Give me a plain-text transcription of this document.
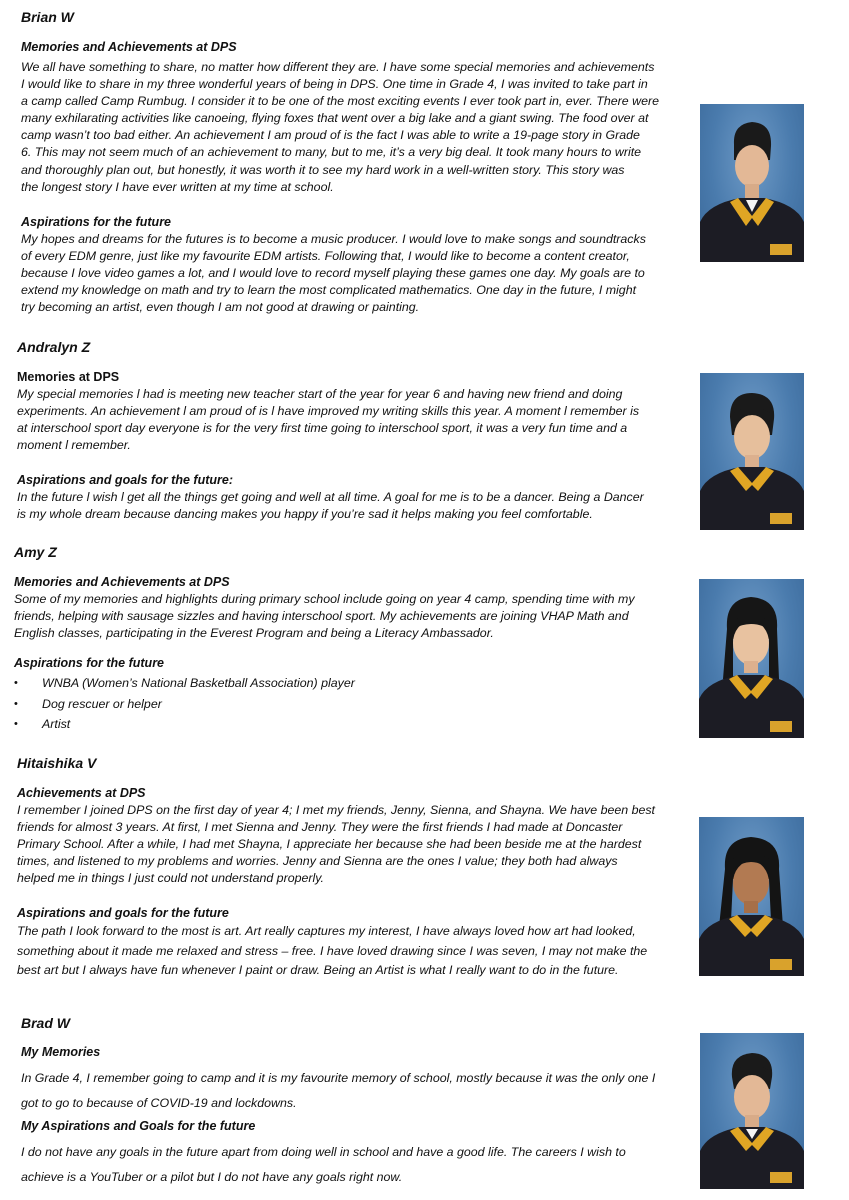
Brian W
Memories and Achievements at DPS
We all have something to share, no matter how different they are. I have some special memories and achievements
I would like to share in my three wonderful years of being in DPS. One time in Grade 4, I was invited to take part in
a camp called Camp Rumbug. I consider it to be one of the most exciting events I ever took part in, ever. There were
many exhilarating activities like canoeing, flying foxes that went over a big lake and a giant swing. The food over at
camp wasn’t too bad either. An achievement I am proud of is the fact I was able to write a 19-page story in Grade
6. This may not seem much of an achievement to many, but to me, it’s a very big deal. It took many hours to write
and thoroughly plan out, but honestly, it was worth it to see my hard work in a well-written story. This story was
the longest story I have ever written at my time at school.
Aspirations for the future
My hopes and dreams for the futures is to become a music producer. I would love to make songs and soundtracks
of every EDM genre, just like my favourite EDM artists. Following that, I would like to become a content creator,
because I love video games a lot, and I would love to record myself playing these games one day. My goals are to
extend my knowledge on math and try to learn the most complicated mathematics. One day in the future, I might
try becoming an artist, even though I am not good at drawing or painting.
Andralyn Z
Memories at DPS
My special memories l had is meeting new teacher start of the year for year 6 and having new friend and doing
experiments. An achievement l am proud of is l have improved my writing skills this year. A moment l remember is
at interschool sport day everyone is for the very first time going to interschool sport, it was a very fun time and a
moment l remember.
Aspirations and goals for the future:
In the future l wish l get all the things get going and well at all time. A goal for me is to be a dancer. Being a Dancer
is my whole dream because dancing makes you happy if you’re sad it helps making you feel comfortable.
Amy Z
Memories and Achievements at DPS
Some of my memories and highlights during primary school include going on year 4 camp, spending time with my
friends, helping with sausage sizzles and having interschool sport. My achievements are joining VHAP Math and
English classes, participating in the Everest Program and being a Literacy Ambassador.
Aspirations for the future
• WNBA (Women’s National Basketball Association) player
• Dog rescuer or helper
• Artist
Hitaishika V
Achievements at DPS
I remember I joined DPS on the first day of year 4; I met my friends, Jenny, Sienna, and Shayna. We have been best
friends for almost 3 years. At first, I met Sienna and Jenny. They were the first friends I had made at Doncaster
Primary School. After a while, I had met Shayna, I appreciate her because she had been beside me at the hardest
times, and listened to my problems and worries. Jenny and Sienna are the ones I value; they both had always
helped me in things I just could not understand properly.
Aspirations and goals for the future
The path I look forward to the most is art. Art really captures my interest, I have always loved how art had looked,
something about it made me relaxed and stress – free. I have loved drawing since I was seven, I may not make the
best art but I always have fun whenever I paint or draw. Being an Artist is what I really want to do in the future.
Brad W
My Memories
In Grade 4, I remember going to camp and it is my favourite memory of school, mostly because it was the only one I
got to go to because of COVID-19 and lockdowns.
My Aspirations and Goals for the future
I do not have any goals in the future apart from doing well in school and have a good life. The careers I wish to
achieve is a YouTuber or a pilot but I do not have any goals right now.
